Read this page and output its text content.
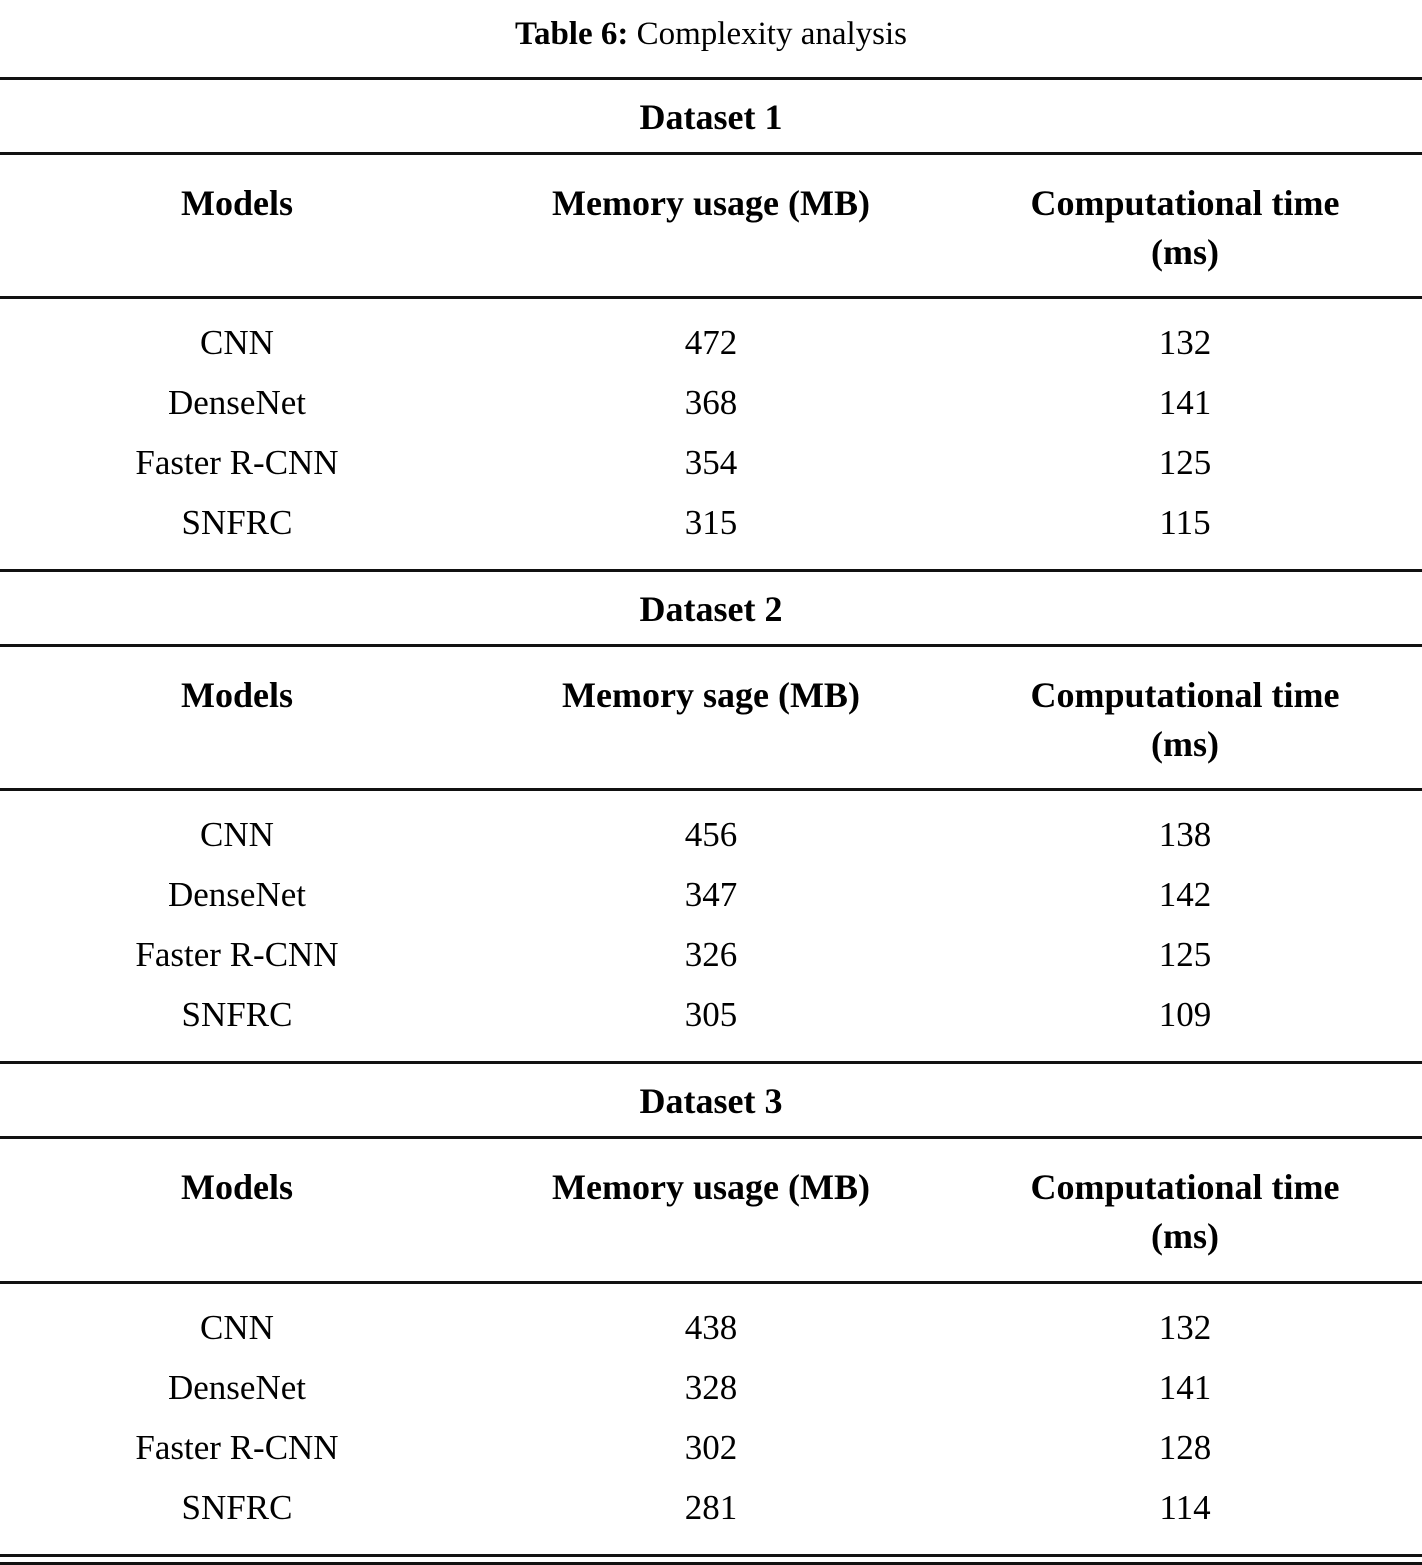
Table 6: Complexity analysis
Dataset 1
Models	Memory usage (MB)	Computational time
(ms)
CNN	472	132
DenseNet	368	141
Faster R-CNN	354	125
SNFRC	315	115
Dataset 2
Models	Memory sage (MB)	Computational time
(ms)
CNN	456	138
DenseNet	347	142
Faster R-CNN	326	125
SNFRC	305	109
Dataset 3
Models	Memory usage (MB)	Computational time
(ms)
CNN	438	132
DenseNet	328	141
Faster R-CNN	302	128
SNFRC	281	114
